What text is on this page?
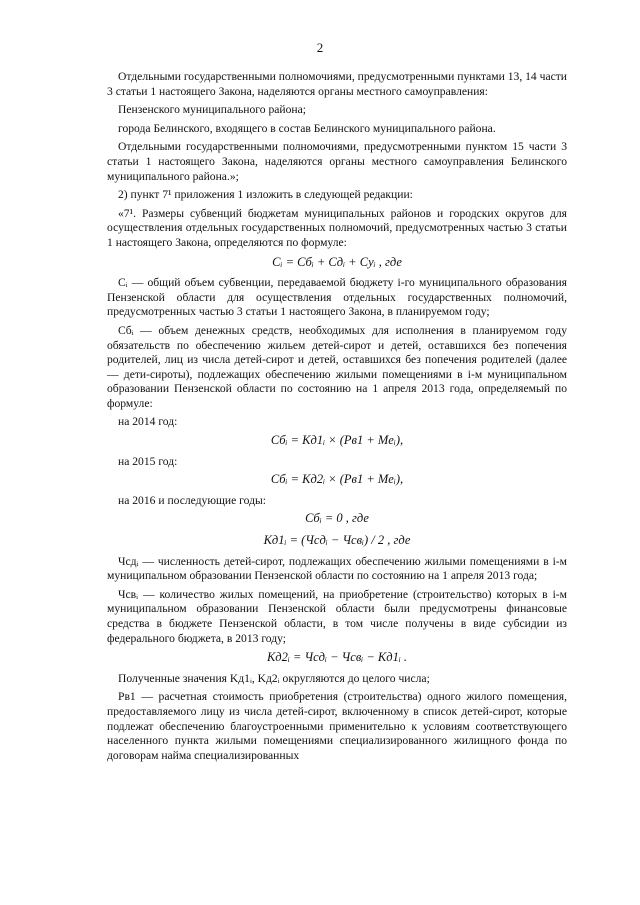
2

Отдельными государственными полномочиями, предусмотренными пунктами 13, 14 части 3 статьи 1 настоящего Закона, наделяются органы местного самоуправления:

Пензенского муниципального района;

города Белинского, входящего в состав Белинского муниципального района.

Отдельными государственными полномочиями, предусмотренными пунктом 15 части 3 статьи 1 настоящего Закона, наделяются органы местного самоуправления Белинского муниципального района.»;

2) пункт 7¹ приложения 1 изложить в следующей редакции:

«7¹. Размеры субвенций бюджетам муниципальных районов и городских округов для осуществления отдельных государственных полномочий, предусмотренных частью 3 статьи 1 настоящего Закона, определяются по формуле:

Cᵢ = Cбᵢ + Cдᵢ + Cуᵢ , где

Cᵢ — общий объем субвенции, передаваемой бюджету i-го муниципального образования Пензенской области для осуществления отдельных государственных полномочий, предусмотренных частью 3 статьи 1 настоящего Закона, в планируемом году;

Cбᵢ — объем денежных средств, необходимых для исполнения в планируемом году обязательств по обеспечению жильем детей-сирот и детей, оставшихся без попечения родителей, лиц из числа детей-сирот и детей, оставшихся без попечения родителей (далее — дети-сироты), подлежащих обеспечению жилыми помещениями в i-м муниципальном образовании Пензенской области по состоянию на 1 апреля 2013 года, определяемый по формуле:

на 2014 год:
Cбᵢ = Kд1ᵢ × (Pв1 + Meᵢ),
на 2015 год:
Cбᵢ = Kд2ᵢ × (Pв1 + Meᵢ),
на 2016 и последующие годы:
Cбᵢ = 0 , где
Kд1ᵢ = (Чсдᵢ − Чсвᵢ) / 2 , где

Чсдᵢ — численность детей-сирот, подлежащих обеспечению жилыми помещениями в i-м муниципальном образовании Пензенской области по состоянию на 1 апреля 2013 года;

Чсвᵢ — количество жилых помещений, на приобретение (строительство) которых в i-м муниципальном образовании Пензенской области были предусмотрены финансовые средства в бюджете Пензенской области, в том числе получены в виде субсидии из федерального бюджета, в 2013 году;

Kд2ᵢ = Чсдᵢ − Чсвᵢ − Kд1ᵢ .

Полученные значения Kд1ᵢ, Kд2ᵢ округляются до целого числа;

Pв1 — расчетная стоимость приобретения (строительства) одного жилого помещения, предоставляемого лицу из числа детей-сирот, включенному в список детей-сирот, которые подлежат обеспечению благоустроенными применительно к условиям соответствующего населенного пункта жилыми помещениями специализированного жилищного фонда по договорам найма специализированных
